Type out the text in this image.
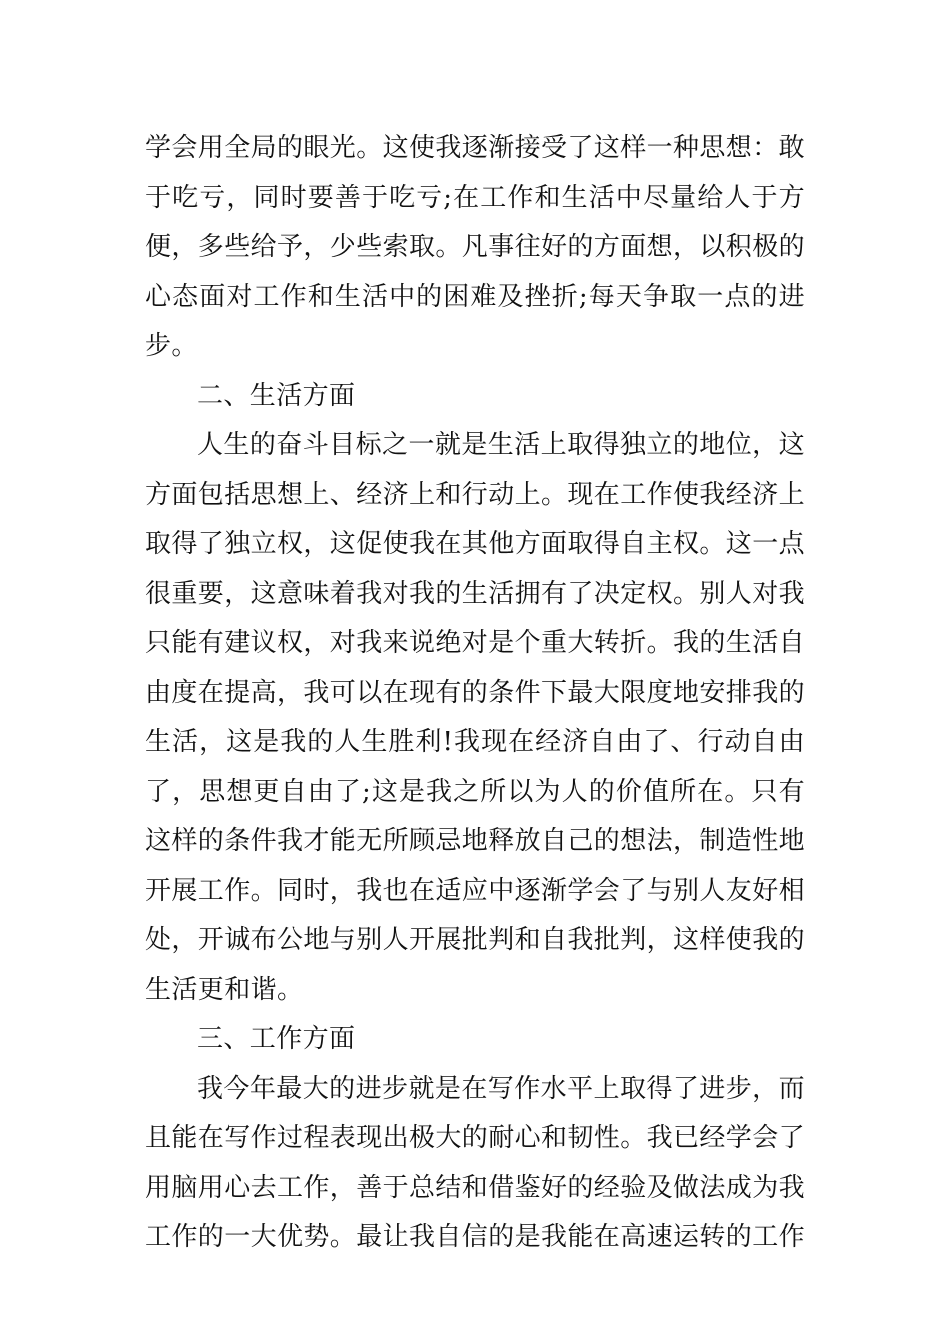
学会用全局的眼光。这使我逐渐接受了这样一种思想：敢于吃亏，同时要善于吃亏;在工作和生活中尽量给人于方便，多些给予，少些索取。凡事往好的方面想，以积极的心态面对工作和生活中的困难及挫折;每天争取一点的进步。

二、生活方面

人生的奋斗目标之一就是生活上取得独立的地位，这方面包括思想上、经济上和行动上。现在工作使我经济上取得了独立权，这促使我在其他方面取得自主权。这一点很重要，这意味着我对我的生活拥有了决定权。别人对我只能有建议权，对我来说绝对是个重大转折。我的生活自由度在提高，我可以在现有的条件下最大限度地安排我的生活，这是我的人生胜利!我现在经济自由了、行动自由了，思想更自由了;这是我之所以为人的价值所在。只有这样的条件我才能无所顾忌地释放自己的想法，制造性地开展工作。同时，我也在适应中逐渐学会了与别人友好相处，开诚布公地与别人开展批判和自我批判，这样使我的生活更和谐。

三、工作方面

我今年最大的进步就是在写作水平上取得了进步，而且能在写作过程表现出极大的耐心和韧性。我已经学会了用脑用心去工作，善于总结和借鉴好的经验及做法成为我工作的一大优势。最让我自信的是我能在高速运转的工作
